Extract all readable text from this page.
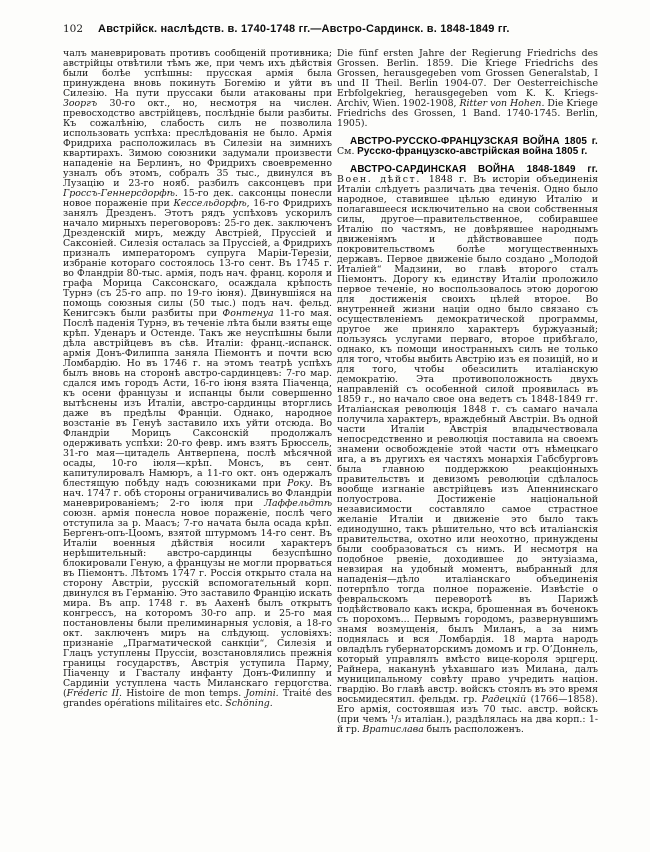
102 Австрійск. наслѣдств. в. 1740-1748 гг.—Австро-Сардинск. в. 1848-1849 гг.

чалъ маневрировать противъ сообщеній противника; австрійцы отвѣтили тѣмъ же, при чемъ ихъ дѣйствія были болѣе успѣшны: прусская армія была принуждена вновь покинуть Богемію и уйти въ Силезію. На пути пруссаки были атакованы при Зооргъ 30-го окт., но, несмотря на числен. превосходство австрійцевъ, послѣдніе были разбиты. Къ сожалѣнію, слабость силъ не позволила использовать успѣха: преслѣдованія не было. Армія Фридриха расположилась въ Силезіи на зимнихъ квартирахъ. Зимою союзники задумали произвести нападеніе на Берлинъ, но Фридрихъ своевременно узналъ объ этомъ, собралъ 35 тыс., двинулся въ Лузацію и 23-го нояб. разбилъ саксонцевъ при Гроссъ-Геннерсдорфѣ. 15-го дек. саксонцы понесли новое пораженіе при Кессельдорфѣ, 16-го Фридрихъ занялъ Дрезденъ. Этотъ рядъ успѣховъ ускорилъ начало мирныхъ переговоровъ: 25-го дек. заключенъ Дрезденскій миръ, между Австріей, Пруссіей и Саксоніей. Силезія осталась за Пруссіей, а Фридрихъ призналъ императоромъ супруга Маріи-Терезіи, избраніе котораго состоялось 13-го сент. Въ 1745 г. во Фландріи 80-тыс. армія, подъ нач. франц. короля и графа Морица Саксонскаго, осаждала крѣпость Турнэ (съ 25-го апр. по 19-го іюня). Двинувшіяся на помощь союзныя силы (50 тыс.) подъ нач. фельд. Кенигсэкъ были разбиты при Фонтенуа 11-го мая. Послѣ паденія Турнэ, въ теченіе лѣта были взяты еще крѣп. Уденаръ и Остенде. Такъ же неуспѣшны были дѣла австрійцевъ въ сѣв. Италіи: франц.-испанск. армія Донъ-Филиппа заняла Піемонтъ и почти всю Ломбардію. Но въ 1746 г. на этомъ театрѣ успѣхъ былъ вновь на сторонѣ австро-сардинцевъ: 7-го мар. сдался имъ городъ Асти, 16-го іюня взята Піаченца, къ осени французы и испанцы были совершенно вытѣснены изъ Италіи, австро-сардинцы вторглись даже въ предѣлы Франціи. Однако, народное возстаніе въ Генуѣ заставило ихъ уйти отсюда. Во Фландріи Морицъ Саксонскій продолжалъ одерживать успѣхи: 20-го февр. имъ взятъ Брюссель, 31-го мая—цитадель Антверпена, послѣ мѣсячной осады, 10-го іюля—крѣп. Монсъ, въ сент. капитулировалъ Намюръ, а 11-го окт. онъ одержалъ блестящую побѣду надъ союзниками при Року. Въ нач. 1747 г. обѣ стороны ограничивались во Фландріи маневрированіемъ; 2-го іюля при Лаффельдтѣ союзн. армія понесла новое пораженіе, послѣ чего отступила за р. Маасъ; 7-го начата была осада крѣп. Бергенъ-опъ-Цоомъ, взятой штурмомъ 14-го сент. Въ Италіи военныя дѣйствія носили характеръ нерѣшительный: австро-сардинцы безуспѣшно блокировали Геную, а французы не могли прорваться въ Піемонтъ. Лѣтомъ 1747 г. Россія открыто стала на сторону Австріи, русскій вспомогательный корп. двинулся въ Германію. Это заставило Францію искать мира. Въ апр. 1748 г. въ Аахенѣ былъ открытъ конгрессъ, на которомъ 30-го апр. и 25-го мая постановлены были прелиминарныя условія, а 18-го окт. заключенъ миръ на слѣдующ. условіяхъ: признаніе „Прагматической санкціи“, Силезія и Глацъ уступлены Пруссіи, возстановлялись прежнія границы государствъ, Австрія уступила Парму, Піаченцу и Гвасталу инфанту Донъ-Филиппу и Сардиніи уступлена часть Миланскаго герцогства. (Fréderic II. Histoire de mon temps. Jomini. Traité des grandes opérations militaires etc. Schöning.

Die fünf ersten Jahre der Regierung Friedrichs des Grossen. Berlin. 1859. Die Kriege Friedrichs des Grossen, herausgegeben vom Grossen Generalstab, I und II Theil. Berlin 1904-07. Der Oesterreichische Erbfolgekrieg, herausgegeben vom K. K. Kriegs-Archiv, Wien. 1902-1908, Ritter von Hohen. Die Kriege Friedrichs des Grossen, 1 Band. 1740-1745. Berlin, 1905).

АВСТРО-РУССКО-ФРАНЦУЗСКАЯ ВОЙНА 1805 г. См. Русско-французско-австрійская война 1805 г.

АВСТРО-САРДИНСКАЯ ВОЙНА 1848-1849 гг. Воен. дѣйст. 1848 г. Въ исторіи объединенія Италіи слѣдуетъ различать два теченія. Одно было народное, ставившее цѣлью единую Италію и полагавшееся исключительно на свои собственныя силы, другое—правительственное, собиравшее Италію по частямъ, не довѣрявшее народнымъ движеніямъ и дѣйствовавшее подъ покровительствомъ болѣе могущественныхъ державъ. Первое движеніе было создано „Молодой Италіей“ Мадзини, во главѣ второго сталъ Піемонтъ. Дорогу къ единству Италіи проложило первое теченіе, но воспользовалось этою дорогою для достиженія своихъ цѣлей второе. Во внутренней жизни націи одно было связано съ осуществленіемъ демократической программы, другое же приняло характеръ буржуазный; пользуясь услугами перваго, второе прибѣгало, однако, къ помощи иностранныхъ силъ не только для того, чтобы выбить Австрію изъ ея позицій, но и для того, чтобы обезсилить италіанскую демократію. Эта противоположность двухъ направленій съ особенной силой проявилась въ 1859 г., но начало свое она ведетъ съ 1848-1849 гг. Италіанская революція 1848 г. съ самаго начала получила характеръ, враждебный Австріи. Въ одной части Италіи Австрія владычествовала непосредственно и революція поставила на своемъ знамени освобожденіе этой части отъ нѣмецкаго ига, а въ другихъ ея частяхъ монархія Габсбурговъ была главною поддержкою реакціонныхъ правительствъ и девизомъ революціи сдѣлалось вообще изгнаніе австрійцевъ изъ Апеннинскаго полуострова. Достиженіе національной независимости составляло самое страстное желаніе Италіи и движеніе это было такъ единодушно, такъ рѣшительно, что всѣ италіанскія правительства, охотно или неохотно, принуждены были сообразоваться съ нимъ. И несмотря на подобное рвеніе, доходившее до энтузіазма, невзирая на удобный моментъ, выбранный для нападенія—дѣло италіанскаго объединенія потерпѣло тогда полное пораженіе. Извѣстіе о февральскомъ переворотѣ въ Парижѣ подѣйствовало какъ искра, брошенная въ боченокъ съ порохомъ... Первымъ городомъ, развернувшимъ знамя возмущенія, былъ Миланъ, а за нимъ поднялась и вся Ломбардія. 18 марта народъ овладѣлъ губернаторскимъ домомъ и гр. О’Доннель, который управлялъ вмѣсто вице-короля эрцгерц. Райнера, наканунѣ уѣхавшаго изъ Милана, далъ муниципальному совѣту право учредить націон. гвардію. Во главѣ австр. войскъ стоялъ въ это время восьмидесятил. фельдм. гр. Радецкій (1766—1858). Его армія, состоявшая изъ 70 тыс. австр. войскъ (при чемъ ¹/₃ италіан.), раздѣлялась на два корп.: 1-й гр. Вратислава былъ расположенъ.
